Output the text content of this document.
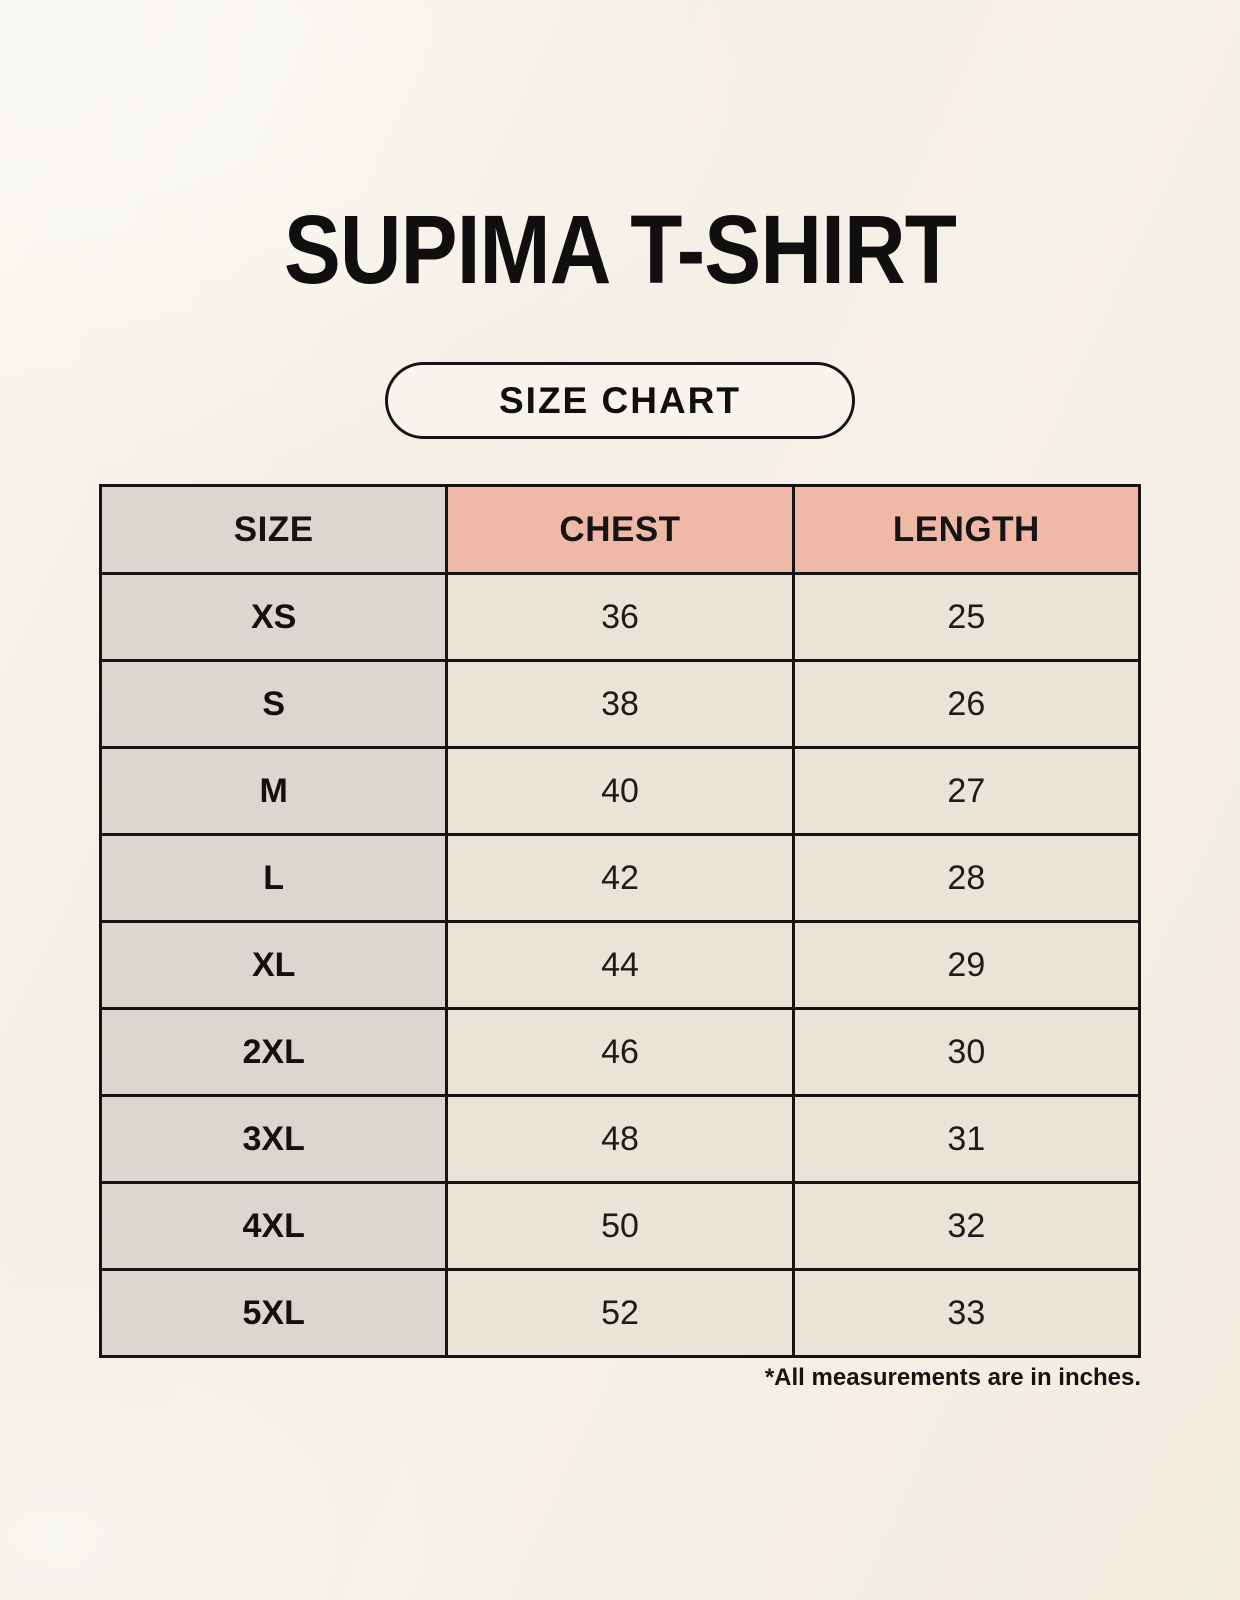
SUPIMA T-SHIRT
SIZE CHART
SIZE	CHEST	LENGTH
XS	36	25
S	38	26
M	40	27
L	42	28
XL	44	29
2XL	46	30
3XL	48	31
4XL	50	32
5XL	52	33
*All measurements are in inches.
